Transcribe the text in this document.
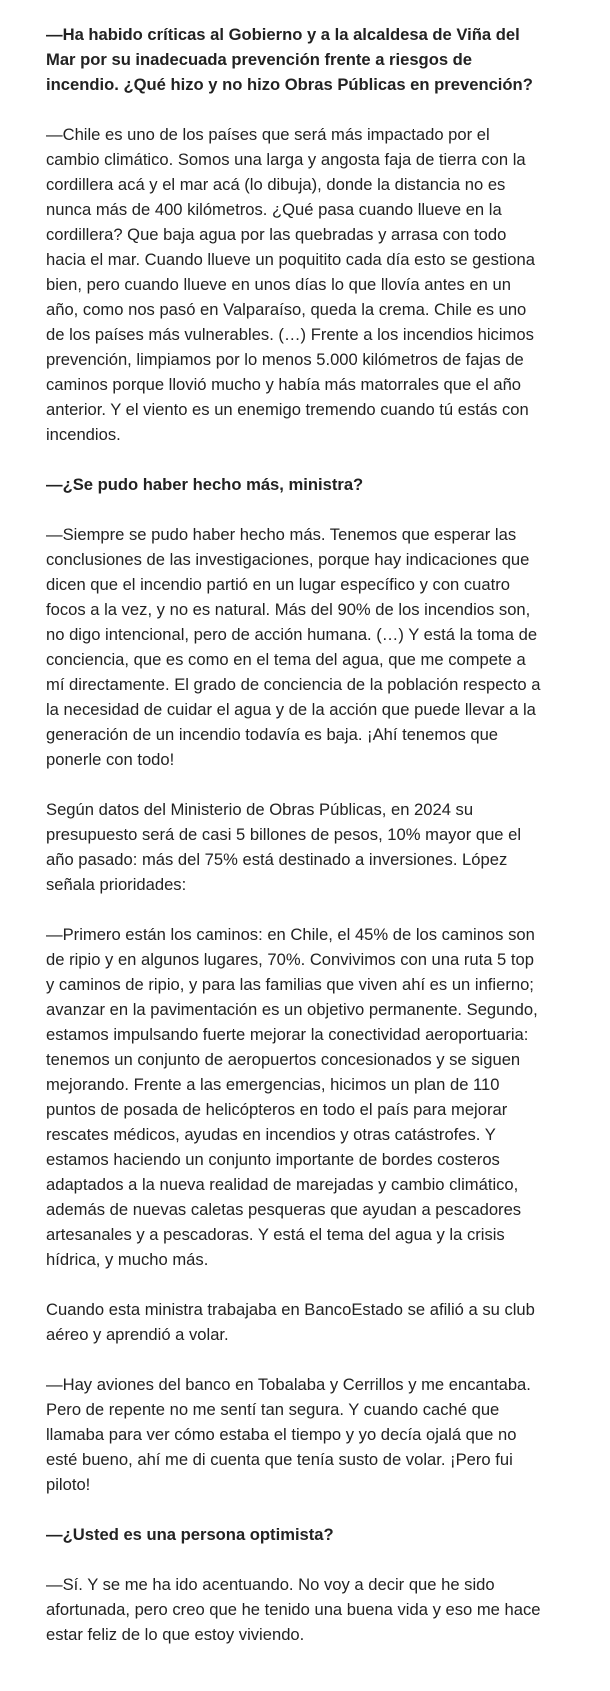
—Ha habido críticas al Gobierno y a la alcaldesa de Viña del Mar por su inadecuada prevención frente a riesgos de incendio. ¿Qué hizo y no hizo Obras Públicas en prevención?

—Chile es uno de los países que será más impactado por el cambio climático. Somos una larga y angosta faja de tierra con la cordillera acá y el mar acá (lo dibuja), donde la distancia no es nunca más de 400 kilómetros. ¿Qué pasa cuando llueve en la cordillera? Que baja agua por las quebradas y arrasa con todo hacia el mar. Cuando llueve un poquitito cada día esto se gestiona bien, pero cuando llueve en unos días lo que llovía antes en un año, como nos pasó en Valparaíso, queda la crema. Chile es uno de los países más vulnerables. (…) Frente a los incendios hicimos prevención, limpiamos por lo menos 5.000 kilómetros de fajas de caminos porque llovió mucho y había más matorrales que el año anterior. Y el viento es un enemigo tremendo cuando tú estás con incendios.

—¿Se pudo haber hecho más, ministra?

—Siempre se pudo haber hecho más. Tenemos que esperar las conclusiones de las investigaciones, porque hay indicaciones que dicen que el incendio partió en un lugar específico y con cuatro focos a la vez, y no es natural. Más del 90% de los incendios son, no digo intencional, pero de acción humana. (…) Y está la toma de conciencia, que es como en el tema del agua, que me compete a mí directamente. El grado de conciencia de la población respecto a la necesidad de cuidar el agua y de la acción que puede llevar a la generación de un incendio todavía es baja. ¡Ahí tenemos que ponerle con todo!

Según datos del Ministerio de Obras Públicas, en 2024 su presupuesto será de casi 5 billones de pesos, 10% mayor que el año pasado: más del 75% está destinado a inversiones. López señala prioridades:

—Primero están los caminos: en Chile, el 45% de los caminos son de ripio y en algunos lugares, 70%. Convivimos con una ruta 5 top y caminos de ripio, y para las familias que viven ahí es un infierno; avanzar en la pavimentación es un objetivo permanente. Segundo, estamos impulsando fuerte mejorar la conectividad aeroportuaria: tenemos un conjunto de aeropuertos concesionados y se siguen mejorando. Frente a las emergencias, hicimos un plan de 110 puntos de posada de helicópteros en todo el país para mejorar rescates médicos, ayudas en incendios y otras catástrofes. Y estamos haciendo un conjunto importante de bordes costeros adaptados a la nueva realidad de marejadas y cambio climático, además de nuevas caletas pesqueras que ayudan a pescadores artesanales y a pescadoras. Y está el tema del agua y la crisis hídrica, y mucho más.

Cuando esta ministra trabajaba en BancoEstado se afilió a su club aéreo y aprendió a volar.

—Hay aviones del banco en Tobalaba y Cerrillos y me encantaba. Pero de repente no me sentí tan segura. Y cuando caché que llamaba para ver cómo estaba el tiempo y yo decía ojalá que no esté bueno, ahí me di cuenta que tenía susto de volar. ¡Pero fui piloto!

—¿Usted es una persona optimista?

—Sí. Y se me ha ido acentuando. No voy a decir que he sido afortunada, pero creo que he tenido una buena vida y eso me hace estar feliz de lo que estoy viviendo.
